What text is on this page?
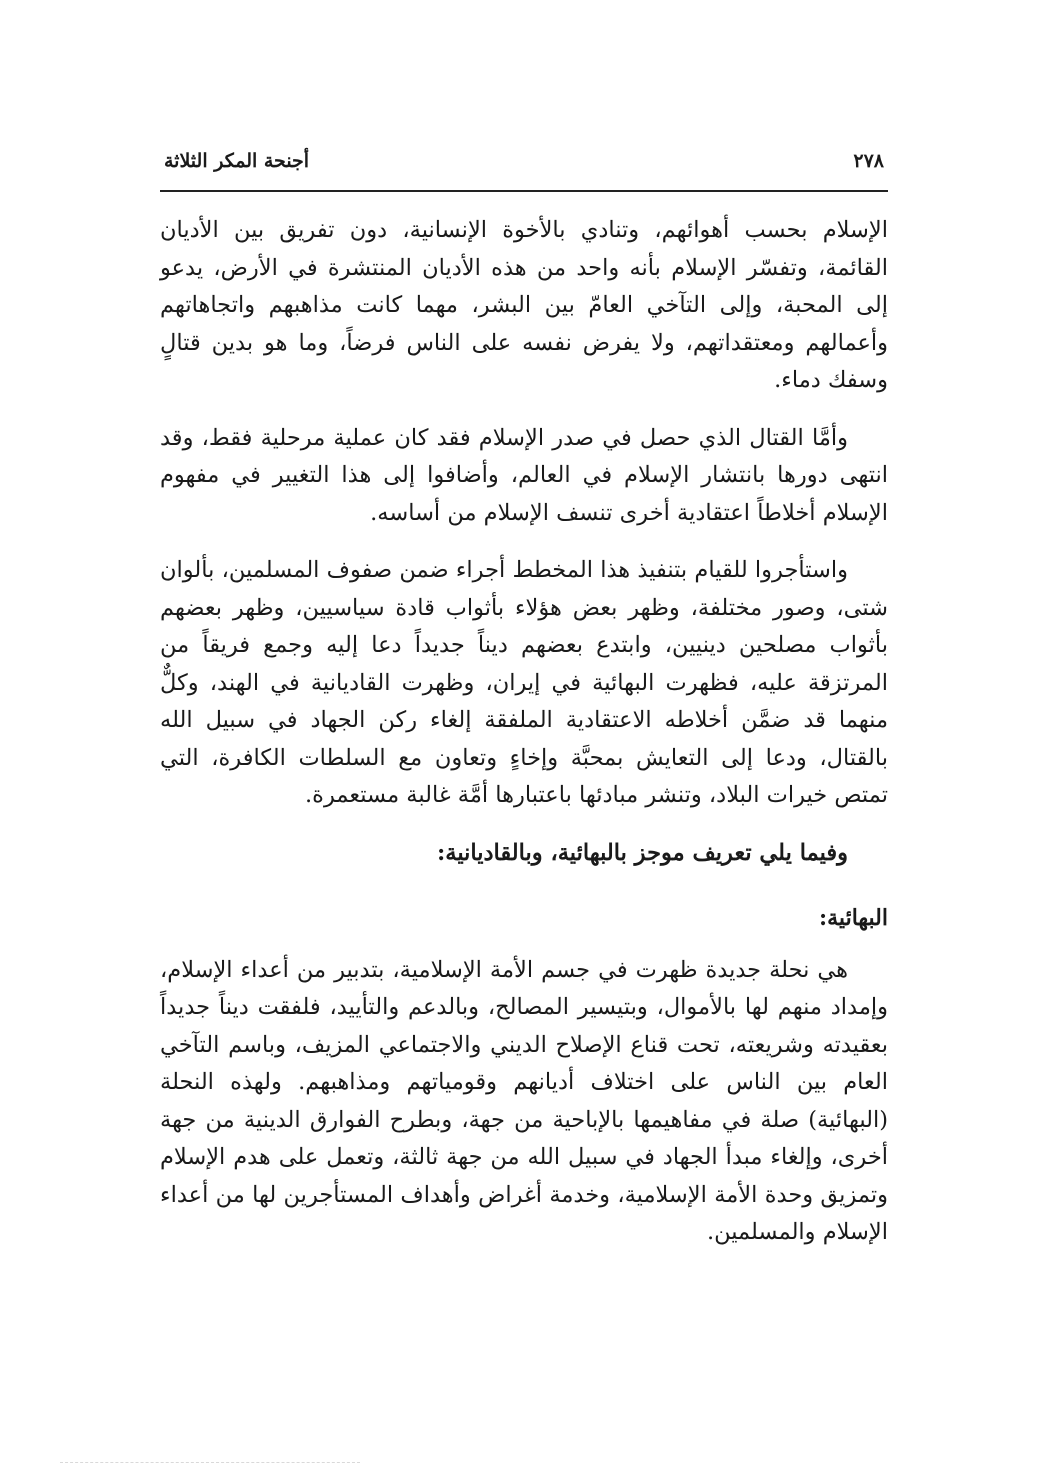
٢٧٨
أجنحة المكر الثلاثة

الإسلام بحسب أهوائهم، وتنادي بالأخوة الإنسانية، دون تفريق بين الأديان القائمة، وتفسّر الإسلام بأنه واحد من هذه الأديان المنتشرة في الأرض، يدعو إلى المحبة، وإلى التآخي العامّ بين البشر، مهما كانت مذاهبهم واتجاهاتهم وأعمالهم ومعتقداتهم، ولا يفرض نفسه على الناس فرضاً، وما هو بدين قتالٍ وسفك دماء.

وأمَّا القتال الذي حصل في صدر الإسلام فقد كان عملية مرحلية فقط، وقد انتهى دورها بانتشار الإسلام في العالم، وأضافوا إلى هذا التغيير في مفهوم الإسلام أخلاطاً اعتقادية أخرى تنسف الإسلام من أساسه.

واستأجروا للقيام بتنفيذ هذا المخطط أجراء ضمن صفوف المسلمين، بألوان شتى، وصور مختلفة، وظهر بعض هؤلاء بأثواب قادة سياسيين، وظهر بعضهم بأثواب مصلحين دينيين، وابتدع بعضهم ديناً جديداً دعا إليه وجمع فريقاً من المرتزقة عليه، فظهرت البهائية في إيران، وظهرت القاديانية في الهند، وكلٌّ منهما قد ضمَّن أخلاطه الاعتقادية الملفقة إلغاء ركن الجهاد في سبيل الله بالقتال، ودعا إلى التعايش بمحبَّة وإخاءٍ وتعاون مع السلطات الكافرة، التي تمتص خيرات البلاد، وتنشر مبادئها باعتبارها أمَّة غالبة مستعمرة.

وفيما يلي تعريف موجز بالبهائية، وبالقاديانية:

البهائية:

هي نحلة جديدة ظهرت في جسم الأمة الإسلامية، بتدبير من أعداء الإسلام، وإمداد منهم لها بالأموال، وبتيسير المصالح، وبالدعم والتأييد، فلفقت ديناً جديداً بعقيدته وشريعته، تحت قناع الإصلاح الديني والاجتماعي المزيف، وباسم التآخي العام بين الناس على اختلاف أديانهم وقومياتهم ومذاهبهم. ولهذه النحلة (البهائية) صلة في مفاهيمها بالإباحية من جهة، وبطرح الفوارق الدينية من جهة أخرى، وإلغاء مبدأ الجهاد في سبيل الله من جهة ثالثة، وتعمل على هدم الإسلام وتمزيق وحدة الأمة الإسلامية، وخدمة أغراض وأهداف المستأجرين لها من أعداء الإسلام والمسلمين.
